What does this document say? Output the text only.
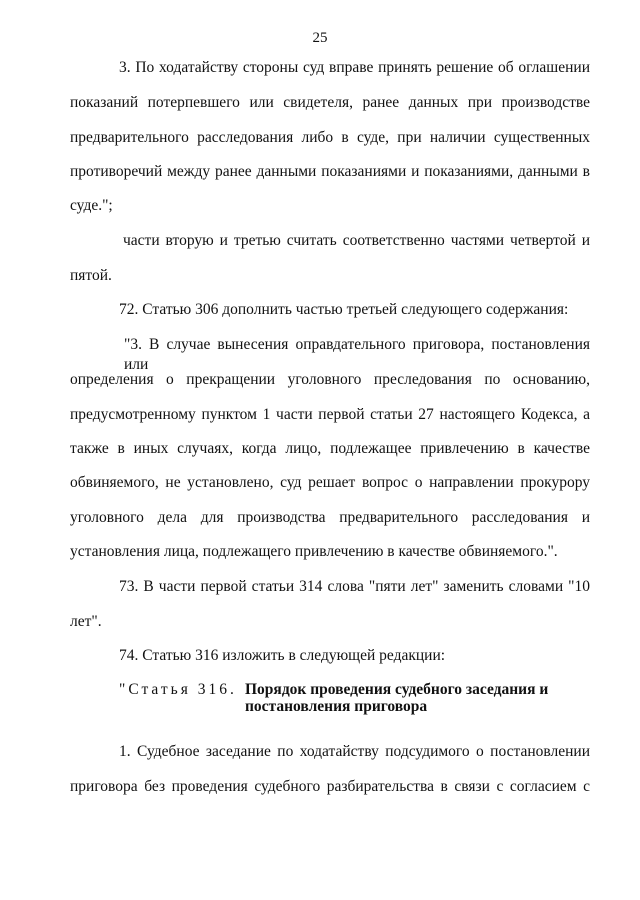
25
3. По ходатайству стороны суд вправе принять решение об оглашении
показаний потерпевшего или свидетеля, ранее данных при производстве
предварительного расследования либо в суде, при наличии существенных
противоречий между ранее данными показаниями и показаниями, данными в
суде.";
части вторую и третью считать соответственно частями четвертой и
пятой.
72. Статью 306 дополнить частью третьей следующего содержания:
"3. В случае вынесения оправдательного приговора, постановления или
определения о прекращении уголовного преследования по основанию,
предусмотренному пунктом 1 части первой статьи 27 настоящего Кодекса, а
также в иных случаях, когда лицо, подлежащее привлечению в качестве
обвиняемого, не установлено, суд решает вопрос о направлении прокурору
уголовного дела для производства предварительного расследования и
установления лица, подлежащего привлечению в качестве обвиняемого.".
73. В части первой статьи 314 слова "пяти лет" заменить словами "10
лет".
74. Статью 316 изложить в следующей редакции:
"Статья 316. Порядок проведения судебного заседания и
постановления приговора
1. Судебное заседание по ходатайству подсудимого о постановлении
приговора без проведения судебного разбирательства в связи с согласием с
